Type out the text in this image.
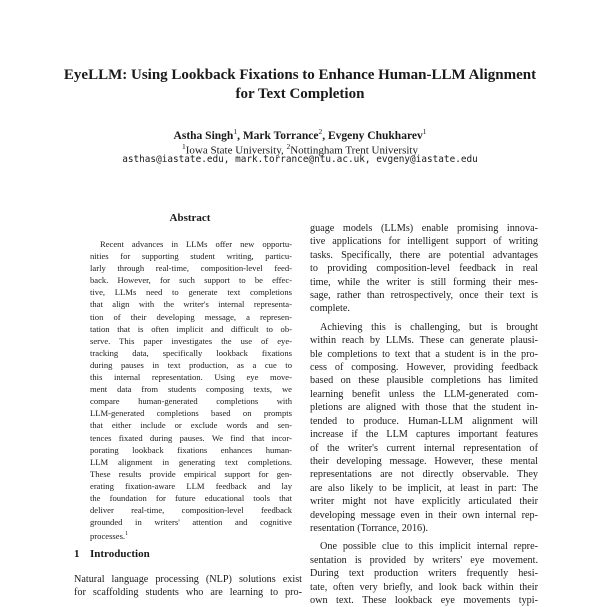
EyeLLM: Using Lookback Fixations to Enhance Human-LLM Alignment
for Text Completion
Astha Singh$^1$, Mark Torrance$^2$, Evgeny Chukharev$^1$
$^1$Iowa State University, $^2$Nottingham Trent University
asthas@iastate.edu, mark.torrance@ntu.ac.uk, evgeny@iastate.edu
Abstract
Recent advances in LLMs offer new opportu-
nities for supporting student writing, particu-
larly through real-time, composition-level feed-
back. However, for such support to be effec-
tive, LLMs need to generate text completions
that align with the writer's internal representa-
tion of their developing message, a represen-
tation that is often implicit and difficult to ob-
serve. This paper investigates the use of eye-
tracking data, specifically lookback fixations
during pauses in text production, as a cue to
this internal representation. Using eye move-
ment data from students composing texts, we
compare human-generated completions with
LLM-generated completions based on prompts
that either include or exclude words and sen-
tences fixated during pauses. We find that incor-
porating lookback fixations enhances human-
LLM alignment in generating text completions.
These results provide empirical support for gen-
erating fixation-aware LLM feedback and lay
the foundation for future educational tools that
deliver real-time, composition-level feedback
grounded in writers' attention and cognitive
processes.$^1$
1 Introduction
Natural language processing (NLP) solutions exist
for scaffolding students who are learning to pro-
guage models (LLMs) enable promising innova-
tive applications for intelligent support of writing
tasks. Specifically, there are potential advantages
to providing composition-level feedback in real
time, while the writer is still forming their mes-
sage, rather than retrospectively, once their text is
complete.
Achieving this is challenging, but is brought
within reach by LLMs. These can generate plausi-
ble completions to text that a student is in the pro-
cess of composing. However, providing feedback
based on these plausible completions has limited
learning benefit unless the LLM-generated com-
pletions are aligned with those that the student in-
tended to produce. Human-LLM alignment will
increase if the LLM captures important features
of the writer's current internal representation of
their developing message. However, these mental
representations are not directly observable. They
are also likely to be implicit, at least in part: The
writer might not have explicitly articulated their
developing message even in their own internal rep-
resentation (Torrance, 2016).
One possible clue to this implicit internal repre-
sentation is provided by writers' eye movement.
During text production writers frequently hesi-
tate, often very briefly, and look back within their
own text. These lookback eye movements typi-
